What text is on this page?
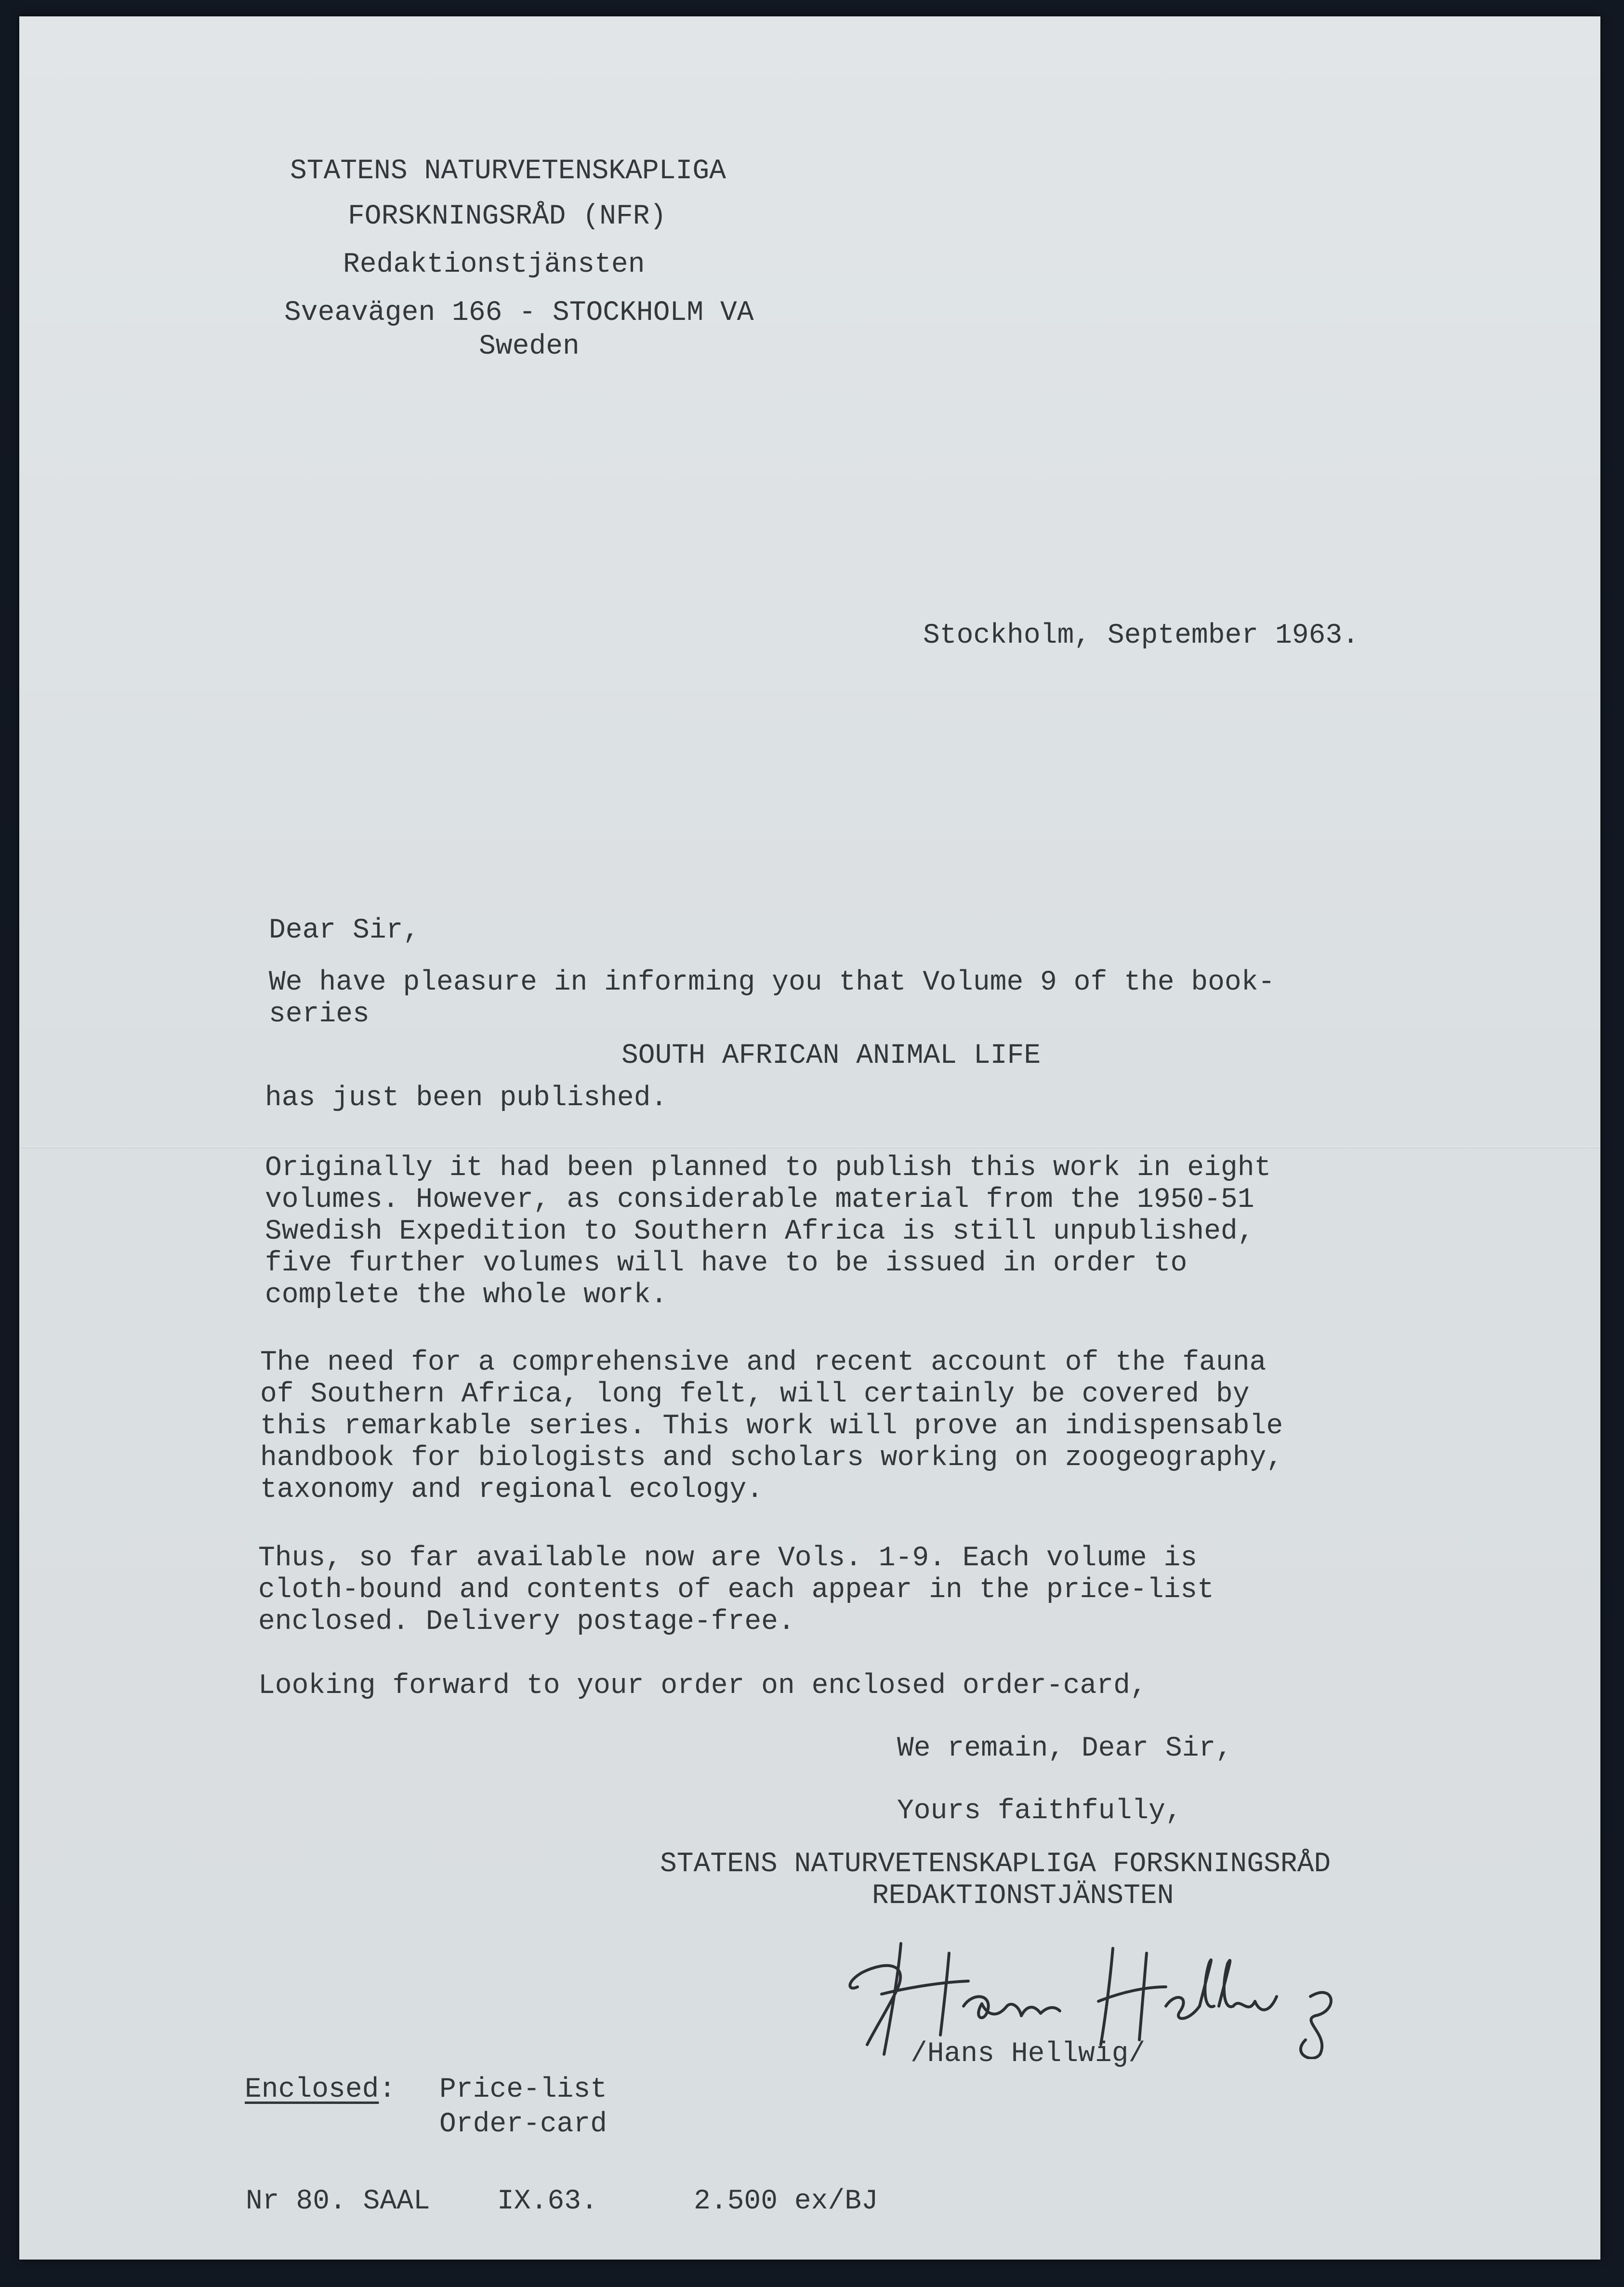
STATENS NATURVETENSKAPLIGA

FORSKNINGSRÅD (NFR)

Redaktionstjänsten

Sveavägen 166 - STOCKHOLM VA

Sweden

Stockholm, September 1963.

Dear Sir,

We have pleasure in informing you that Volume 9 of the book-

series

SOUTH AFRICAN ANIMAL LIFE

has just been published.

Originally it had been planned to publish this work in eight
volumes. However, as considerable material from the 1950-51
Swedish Expedition to Southern Africa is still unpublished,
five further volumes will have to be issued in order to
complete the whole work.
The need for a comprehensive and recent account of the fauna
of Southern Africa, long felt, will certainly be covered by
this remarkable series. This work will prove an indispensable
handbook for biologists and scholars working on zoogeography,
taxonomy and regional ecology.
Thus, so far available now are Vols. 1-9. Each volume is
cloth-bound and contents of each appear in the price-list
enclosed. Delivery postage-free.

Looking forward to your order on enclosed order-card,

We remain, Dear Sir,

Yours faithfully,

STATENS NATURVETENSKAPLIGA FORSKNINGSRÅD

REDAKTIONSTJÄNSTEN

/Hans Hellwig/

Enclosed: Price-list

Order-card

Nr 80. SAAL IX.63.	2.500 ex/BJ
